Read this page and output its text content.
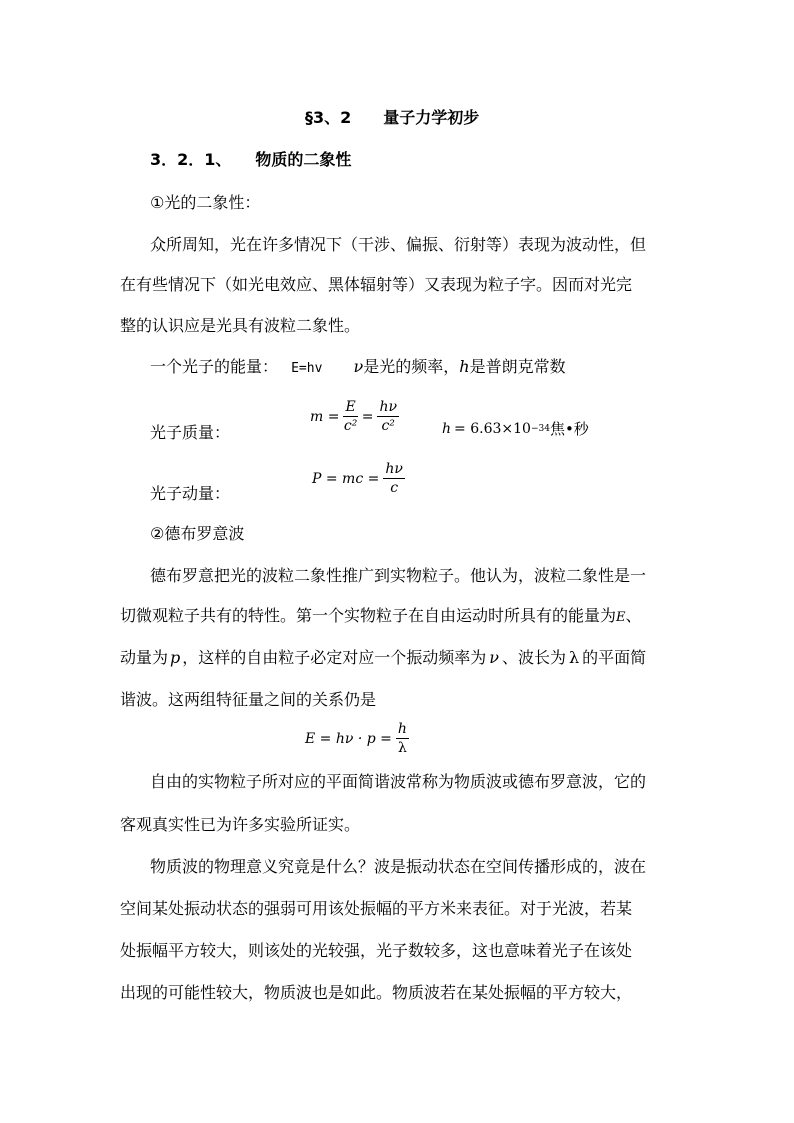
§3、2　　量子力学初步
3．2．1、　　物质的二象性
①光的二象性：
众所周知，光在许多情况下（干涉、偏振、衍射等）表现为波动性，但
在有些情况下（如光电效应、黑体辐射等）又表现为粒子字。因而对光完
整的认识应是光具有波粒二象性。
一个光子的能量： E=hv ν是光的频率，h是普朗克常数
光子质量：
$m = \frac{E}{\text{c²}} = \frac{h\nu}{\text{c²}}$	h = 6.63×10 −34 焦•秒
光子动量：
P = mc = $\frac{h\nu}{c}$
②德布罗意波
德布罗意把光的波粒二象性推广到实物粒子。他认为，波粒二象性是一
切微观粒子共有的特性。第一个实物粒子在自由运动时所具有的能量为E、
动量为 p ，这样的自由粒子必定对应一个振动频率为 ν 、波长为 λ 的平面简
谐波。这两组特征量之间的关系仍是
$E = h\nu \cdot p = \frac{h}{\lambda}$
自由的实物粒子所对应的平面简谐波常称为物质波或德布罗意波，它的
客观真实性已为许多实验所证实。
物质波的物理意义究竟是什么？波是振动状态在空间传播形成的，波在
空间某处振动状态的强弱可用该处振幅的平方米来表征。对于光波，若某
处振幅平方较大，则该处的光较强，光子数较多，这也意味着光子在该处
出现的可能性较大，物质波也是如此。物质波若在某处振幅的平方较大，
